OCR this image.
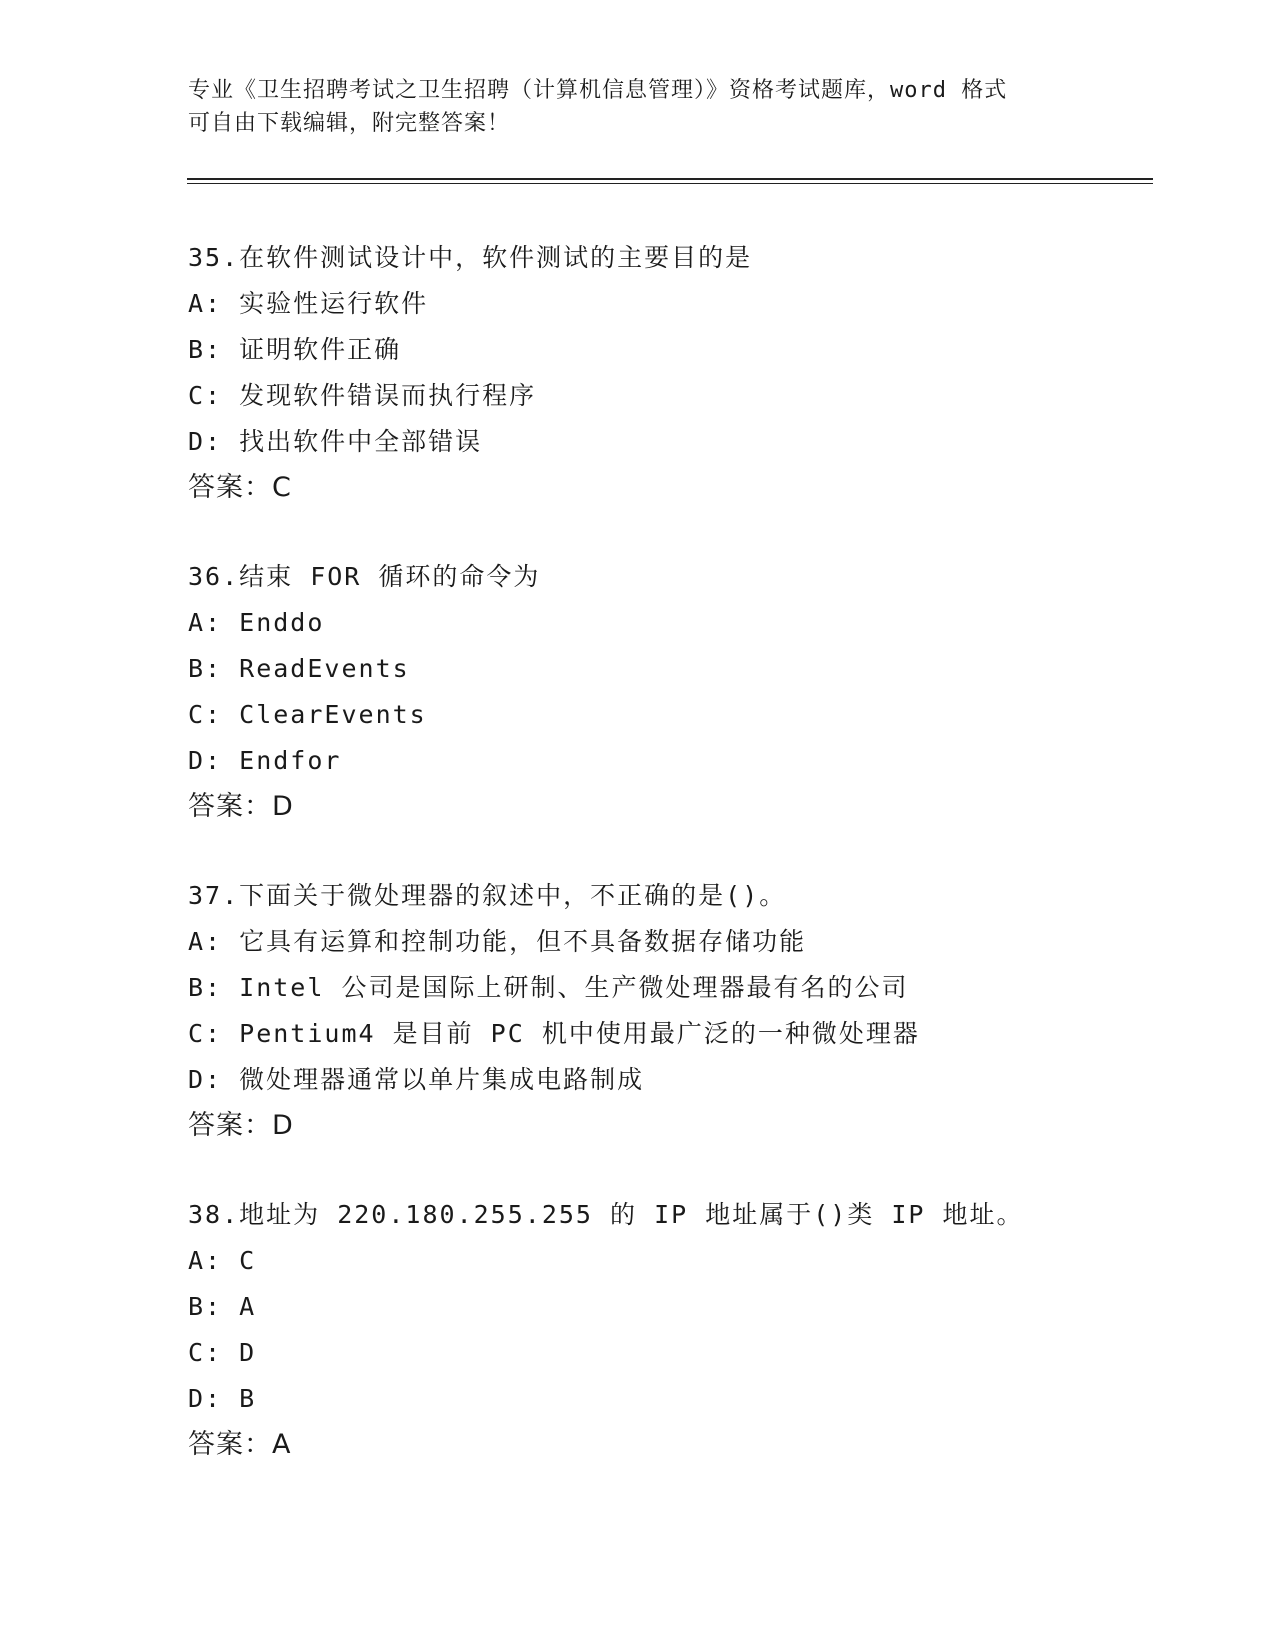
专业《卫生招聘考试之卫生招聘（计算机信息管理）》资格考试题库，word 格式
可自由下载编辑，附完整答案！
35.在软件测试设计中，软件测试的主要目的是
A: 实验性运行软件
B: 证明软件正确
C: 发现软件错误而执行程序
D: 找出软件中全部错误
答案：C
36.结束 FOR 循环的命令为
A: Enddo
B: ReadEvents
C: ClearEvents
D: Endfor
答案：D
37.下面关于微处理器的叙述中，不正确的是()。
A: 它具有运算和控制功能，但不具备数据存储功能
B: Intel 公司是国际上研制、生产微处理器最有名的公司
C: Pentium4 是目前 PC 机中使用最广泛的一种微处理器
D: 微处理器通常以单片集成电路制成
答案：D
38.地址为 220.180.255.255 的 IP 地址属于()类 IP 地址。
A: C
B: A
C: D
D: B
答案：A
